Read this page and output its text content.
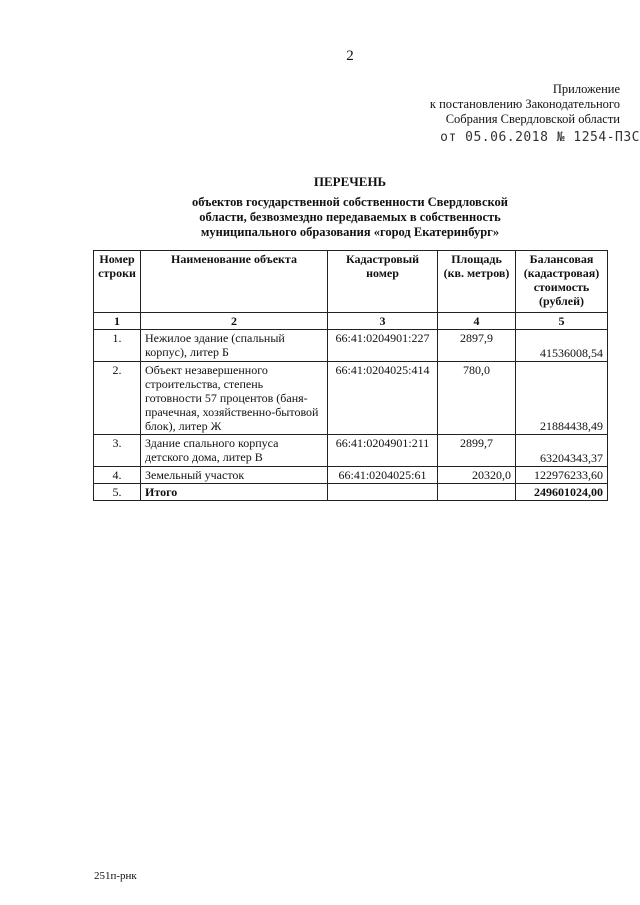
2
Приложение
к постановлению Законодательного
Собрания Свердловской области
от 05.06.2018 № 1254-ПЗС
ПЕРЕЧЕНЬ
объектов государственной собственности Свердловской
области, безвозмездно передаваемых в собственность
муниципального образования «город Екатеринбург»
Номер строки	Наименование объекта	Кадастровый номер	Площадь (кв. метров)	Балансовая (кадастровая) стоимость (рублей)
1	2	3	4	5
1.	Нежилое здание (спальный корпус), литер Б	66:41:0204901:227	2897,9	41536008,54
2.	Объект незавершенного строительства, степень готовности 57 процентов (баня-прачечная, хозяйственно-бытовой блок), литер Ж	66:41:0204025:414	780,0	21884438,49
3.	Здание спального корпуса детского дома, литер В	66:41:0204901:211	2899,7	63204343,37
4.	Земельный участок	66:41:0204025:61	20320,0	122976233,60
5.	Итого			249601024,00
251п-рнк
